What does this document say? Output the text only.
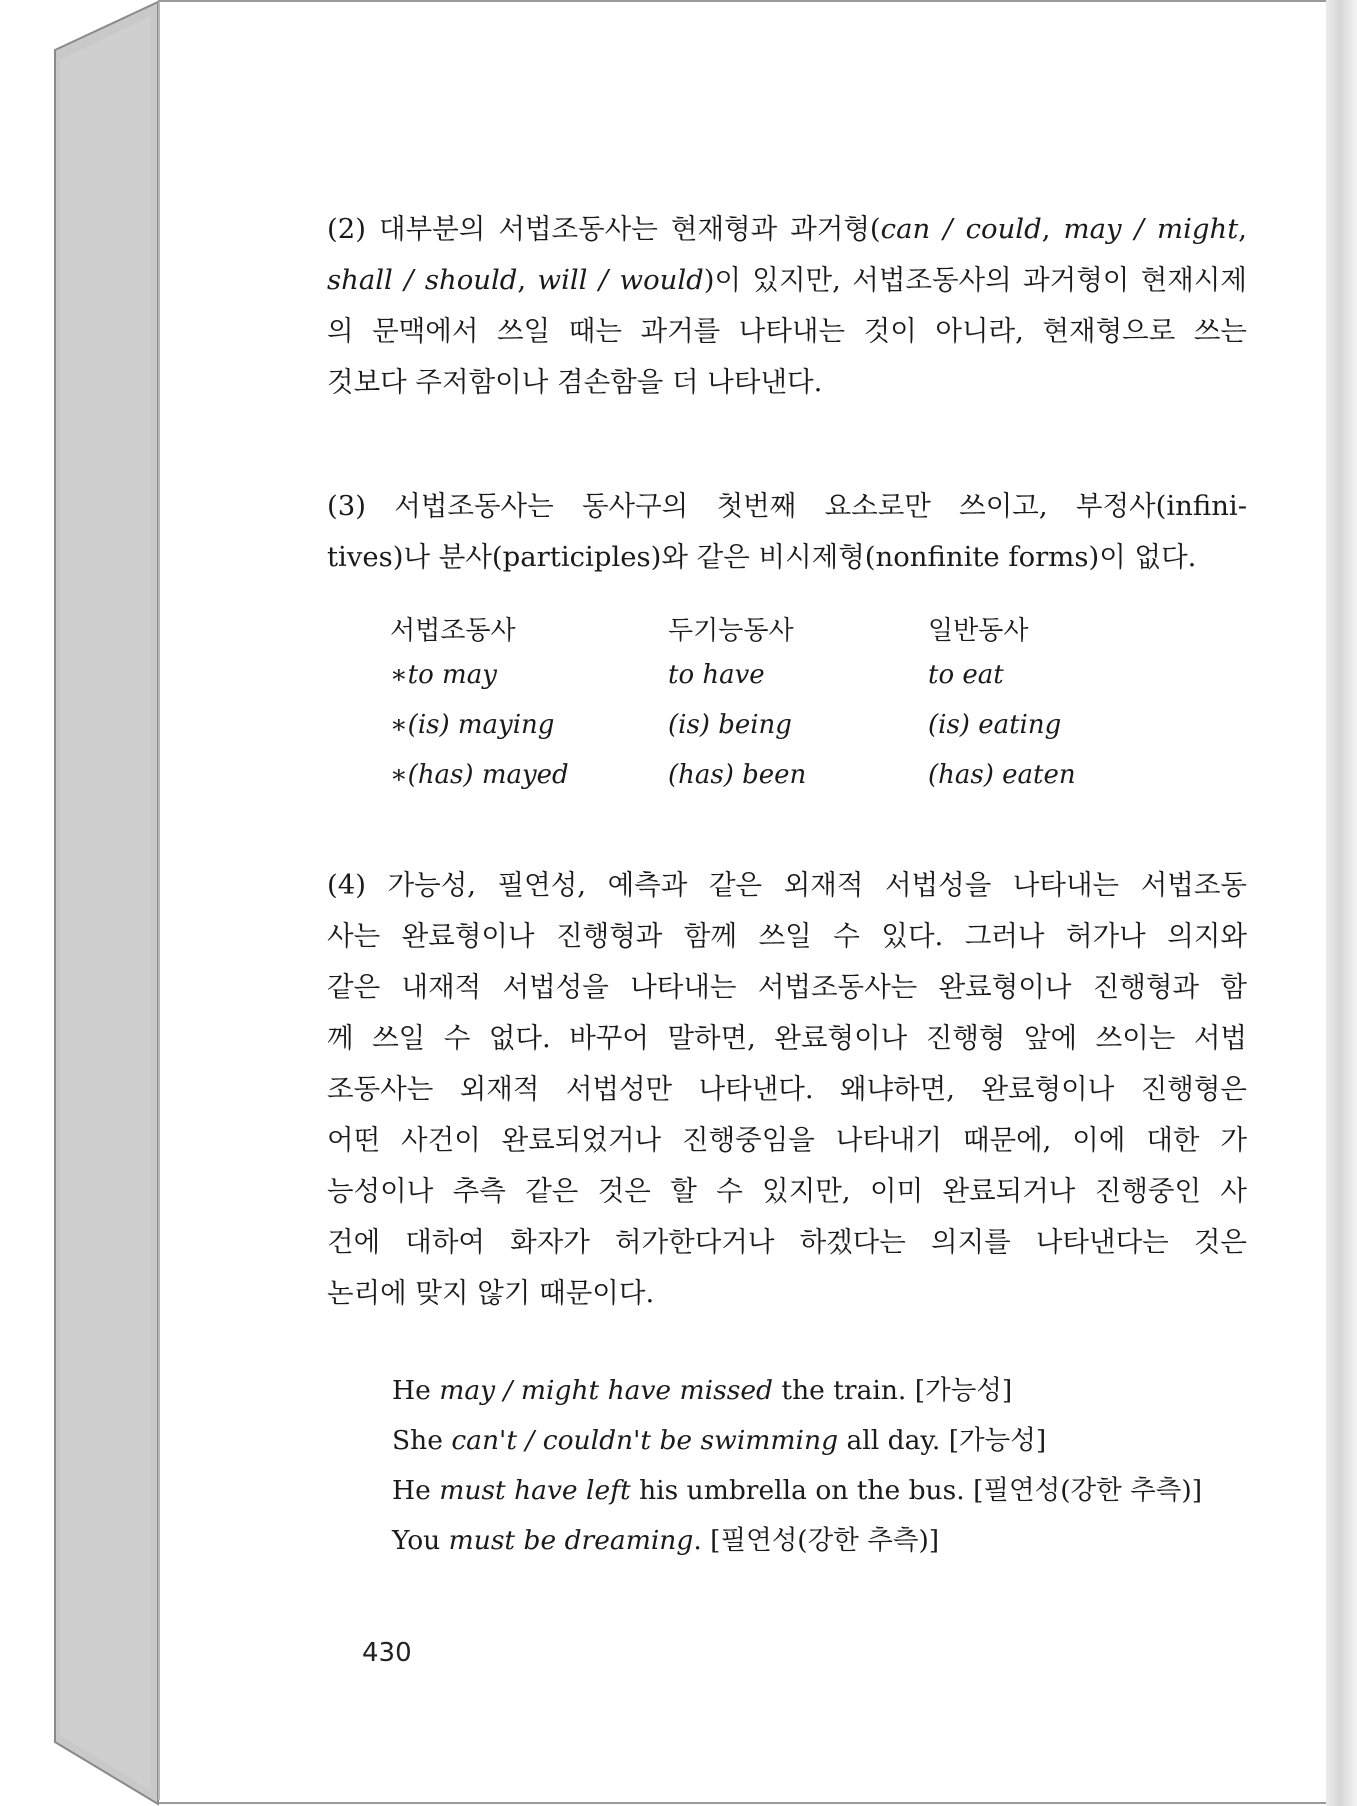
(2) 대부분의 서법조동사는 현재형과 과거형(can / could, may / might,
shall / should, will / would)이 있지만, 서법조동사의 과거형이 현재시제
의 문맥에서 쓰일 때는 과거를 나타내는 것이 아니라, 현재형으로 쓰는
것보다 주저함이나 겸손함을 더 나타낸다.
(3) 서법조동사는 동사구의 첫번째 요소로만 쓰이고, 부정사(infini-
tives)나 분사(participles)와 같은 비시제형(nonfinite forms)이 없다.
서법조동사	두기능동사	일반동사
∗to may	to have	to eat
∗(is) maying	(is) being	(is) eating
∗(has) mayed	(has) been	(has) eaten
(4) 가능성, 필연성, 예측과 같은 외재적 서법성을 나타내는 서법조동
사는 완료형이나 진행형과 함께 쓰일 수 있다. 그러나 허가나 의지와
같은 내재적 서법성을 나타내는 서법조동사는 완료형이나 진행형과 함
께 쓰일 수 없다. 바꾸어 말하면, 완료형이나 진행형 앞에 쓰이는 서법
조동사는 외재적 서법성만 나타낸다. 왜냐하면, 완료형이나 진행형은
어떤 사건이 완료되었거나 진행중임을 나타내기 때문에, 이에 대한 가
능성이나 추측 같은 것은 할 수 있지만, 이미 완료되거나 진행중인 사
건에 대하여 화자가 허가한다거나 하겠다는 의지를 나타낸다는 것은
논리에 맞지 않기 때문이다.
He may / might have missed the train. [가능성]
She can't / couldn't be swimming all day. [가능성]
He must have left his umbrella on the bus. [필연성(강한 추측)]
You must be dreaming. [필연성(강한 추측)]
430
